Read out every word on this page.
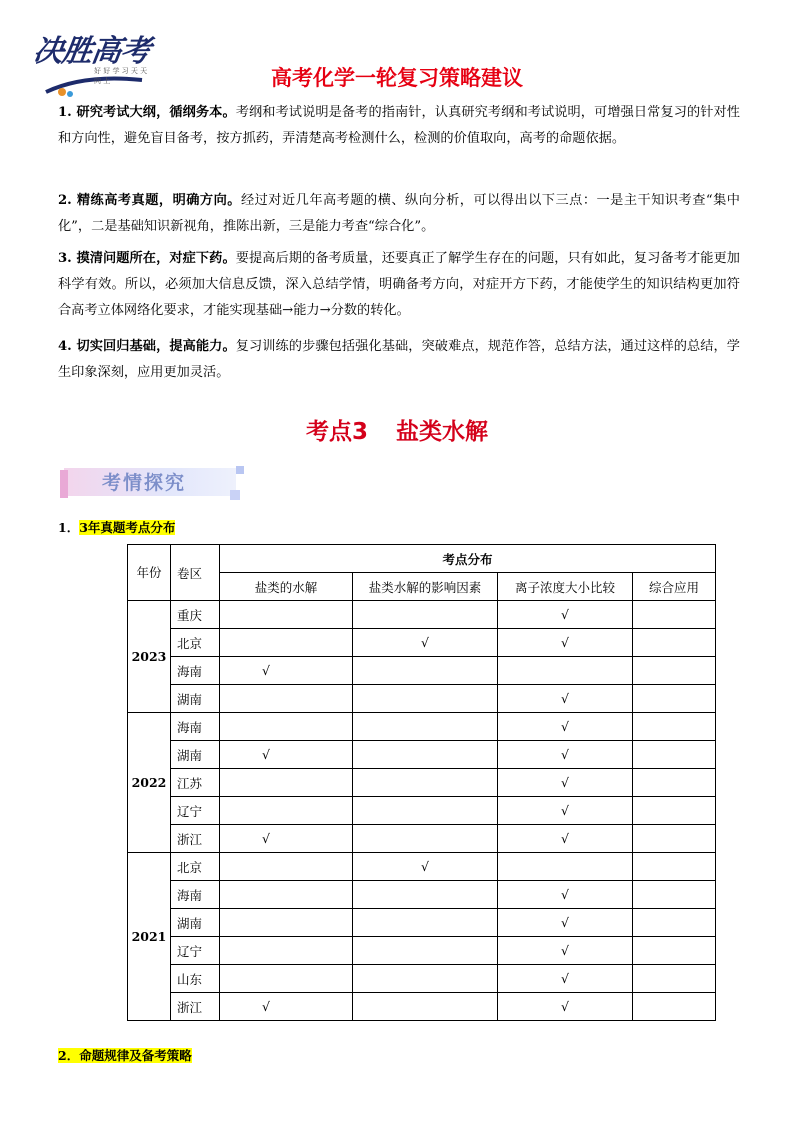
决胜高考
好 好 学 习 天 天 向 上	高考化学一轮复习策略建议
1. 研究考试大纲，循纲务本。考纲和考试说明是备考的指南针，认真研究考纲和考试说明，可增强日常复习的针对性和方向性，避免盲目备考，按方抓药，弄清楚高考检测什么，检测的价值取向，高考的命题依据。
2. 精练高考真题，明确方向。经过对近几年高考题的横、纵向分析，可以得出以下三点：一是主干知识考查“集中化”，二是基础知识新视角，推陈出新，三是能力考查“综合化”。
3. 摸清问题所在，对症下药。要提高后期的备考质量，还要真正了解学生存在的问题，只有如此，复习备考才能更加科学有效。所以，必须加大信息反馈，深入总结学情，明确备考方向，对症开方下药，才能使学生的知识结构更加符合高考立体网络化要求，才能实现基础→能力→分数的转化。
4. 切实回归基础，提高能力。复习训练的步骤包括强化基础，突破难点，规范作答，总结方法，通过这样的总结，学生印象深刻，应用更加灵活。
考点3 盐类水解
考情探究
1．3年真题考点分布
年份	卷区	考点分布			
		盐类的水解	盐类水解的影响因素	离子浓度大小比较	综合应用
2023	重庆			√	
	北京		√	√	
	海南	√			
	湖南			√	
2022	海南			√	
	湖南	√		√	
	江苏			√	
	辽宁			√	
	浙江	√		√	
2021	北京		√		
	海南			√	
	湖南			√	
	辽宁			√	
	山东			√	
	浙江	√		√	
2．命题规律及备考策略
